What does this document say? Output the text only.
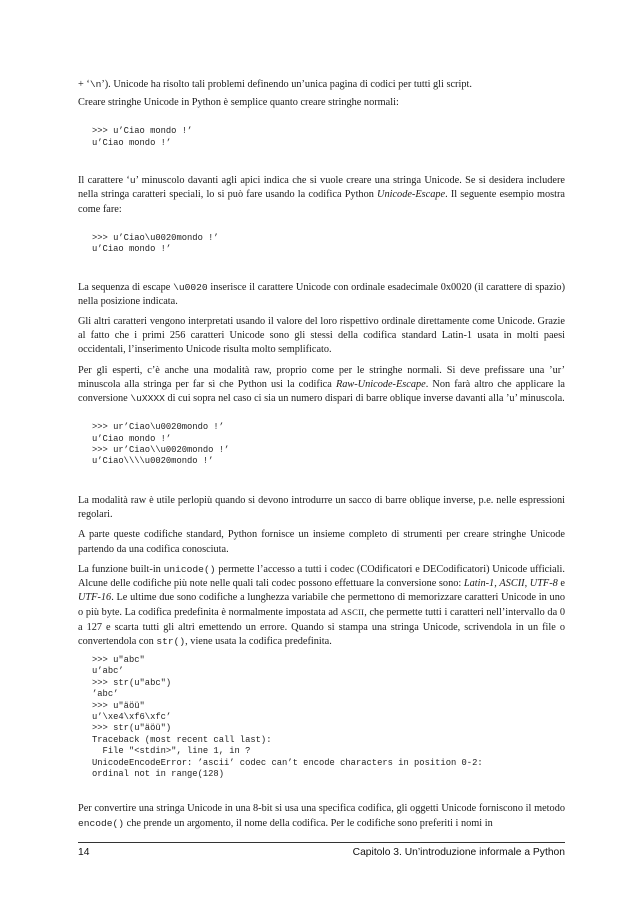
+ ‘\n’). Unicode ha risolto tali problemi definendo un’unica pagina di codici per tutti gli script.

Creare stringhe Unicode in Python è semplice quanto creare stringhe normali:

>>> u’Ciao mondo !’
u’Ciao mondo !’

Il carattere ‘u’ minuscolo davanti agli apici indica che si vuole creare una stringa Unicode. Se si desidera includere nella stringa caratteri speciali, lo si può fare usando la codifica Python Unicode-Escape. Il seguente esempio mostra come fare:

>>> u’Ciao\u0020mondo !’
u’Ciao mondo !’

La sequenza di escape \u0020 inserisce il carattere Unicode con ordinale esadecimale 0x0020 (il carattere di spazio) nella posizione indicata.

Gli altri caratteri vengono interpretati usando il valore del loro rispettivo ordinale direttamente come Unicode. Grazie al fatto che i primi 256 caratteri Unicode sono gli stessi della codifica standard Latin-1 usata in molti paesi occidentali, l’inserimento Unicode risulta molto semplificato.

Per gli esperti, c’è anche una modalità raw, proprio come per le stringhe normali. Si deve prefissare una ’ur’ minuscola alla stringa per far sì che Python usi la codifica Raw-Unicode-Escape. Non farà altro che applicare la conversione \uXXXX di cui sopra nel caso ci sia un numero dispari di barre oblique inverse davanti alla ’u’ minuscola.

>>> ur’Ciao\u0020mondo !’
u’Ciao mondo !’
>>> ur’Ciao\\u0020mondo !’
u’Ciao\\\\u0020mondo !’

La modalità raw è utile perlopiù quando si devono introdurre un sacco di barre oblique inverse, p.e. nelle espressioni regolari.

A parte queste codifiche standard, Python fornisce un insieme completo di strumenti per creare stringhe Unicode partendo da una codifica conosciuta.

La funzione built-in unicode() permette l’accesso a tutti i codec (COdificatori e DECodificatori) Unicode ufficiali. Alcune delle codifiche più note nelle quali tali codec possono effettuare la conversione sono: Latin-1, ASCII, UTF-8 e UTF-16. Le ultime due sono codifiche a lunghezza variabile che permettono di memorizzare caratteri Unicode in uno o più byte. La codifica predefinita è normalmente impostata ad ASCII, che permette tutti i caratteri nell’intervallo da 0 a 127 e scarta tutti gli altri emettendo un errore. Quando si stampa una stringa Unicode, scrivendola in un file o convertendola con str(), viene usata la codifica predefinita.

>>> u"abc"
u’abc’
>>> str(u"abc")
’abc’
>>> u"äöü"
u’\xe4\xf6\xfc’
>>> str(u"äöü")
Traceback (most recent call last):
File "<stdin>", line 1, in ?
UnicodeEncodeError: ’ascii’ codec can’t encode characters in position 0-2:
ordinal not in range(128)

Per convertire una stringa Unicode in una 8-bit si usa una specifica codifica, gli oggetti Unicode forniscono il metodo encode() che prende un argomento, il nome della codifica. Per le codifiche sono preferiti i nomi in

14	Capitolo 3. Un’introduzione informale a Python
